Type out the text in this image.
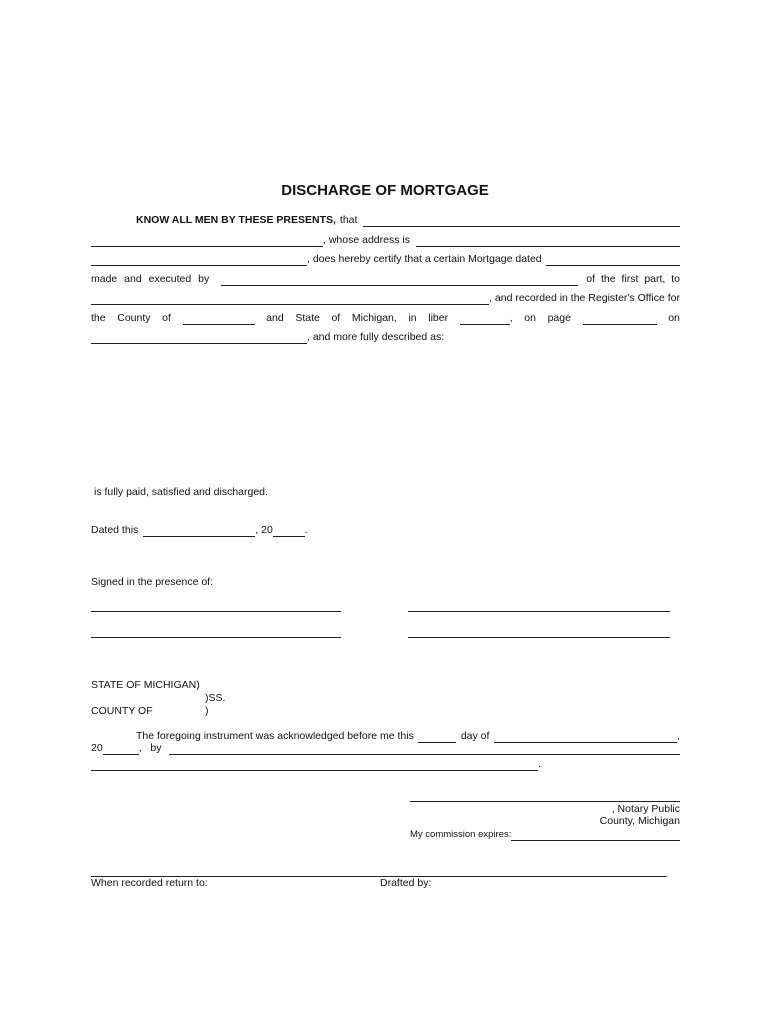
DISCHARGE OF MORTGAGE
KNOW ALL MEN BY THESE PRESENTS, that
, whose address is
, does hereby certify that a certain Mortgage dated
made and executed by	of the first part, to
, and recorded in the Register's Office for
the County of	and State of Michigan, in liber	, on page	on
, and more fully described as:
is fully paid, satisfied and discharged.
Dated this	, 20	.
Signed in the presence of:
STATE OF MICHIGAN)
)SS.
COUNTY OF	)
The foregoing instrument was acknowledged before me this	day of	,
20	,   by
.
, Notary Public
County, Michigan
My commission expires:
When recorded return to:	Drafted by:
